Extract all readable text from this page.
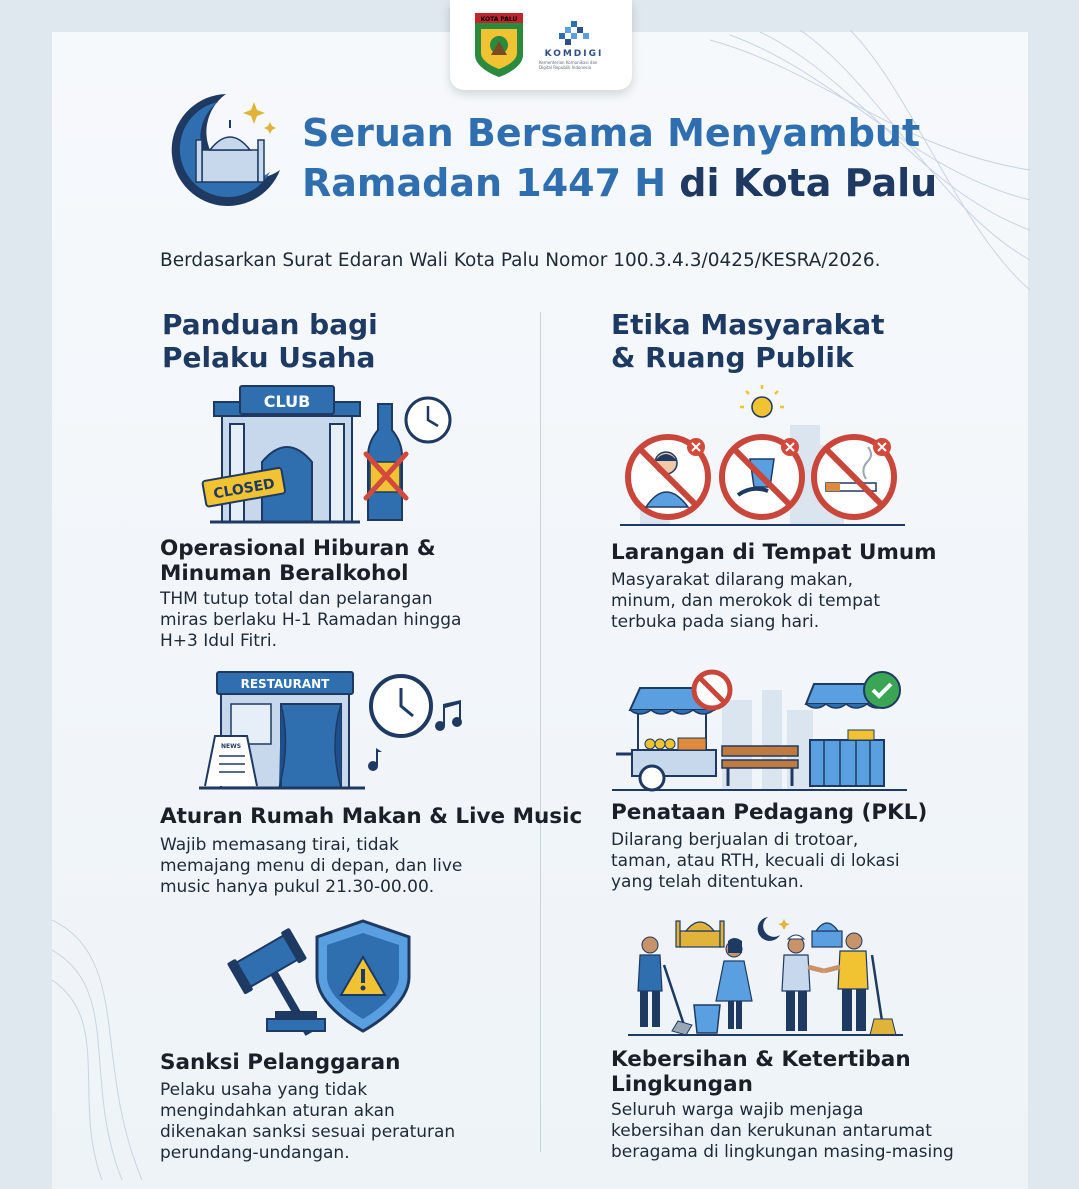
KOTA PALU
KOMDIGI
Kementerian Komunikasi dan Digital Republik Indonesia
Seruan Bersama Menyambut
Ramadan 1447 H di Kota Palu
Berdasarkan Surat Edaran Wali Kota Palu Nomor 100.3.4.3/0425/KESRA/2026.
Panduan bagi
Pelaku Usaha
CLUB
CLOSED
Operasional Hiburan &
Minuman Beralkohol
THM tutup total dan pelarangan
miras berlaku H-1 Ramadan hingga
H+3 Idul Fitri.
RESTAURANT
NEWS
Aturan Rumah Makan & Live Music
Wajib memasang tirai, tidak
memajang menu di depan, dan live
music hanya pukul 21.30-00.00.
Sanksi Pelanggaran
Pelaku usaha yang tidak
mengindahkan aturan akan
dikenakan sanksi sesuai peraturan
perundang-undangan.
Etika Masyarakat
& Ruang Publik
Larangan di Tempat Umum
Masyarakat dilarang makan,
minum, dan merokok di tempat
terbuka pada siang hari.
Penataan Pedagang (PKL)
Dilarang berjualan di trotoar,
taman, atau RTH, kecuali di lokasi
yang telah ditentukan.
Kebersihan & Ketertiban
Lingkungan
Seluruh warga wajib menjaga
kebersihan dan kerukunan antarumat
beragama di lingkungan masing-masing
